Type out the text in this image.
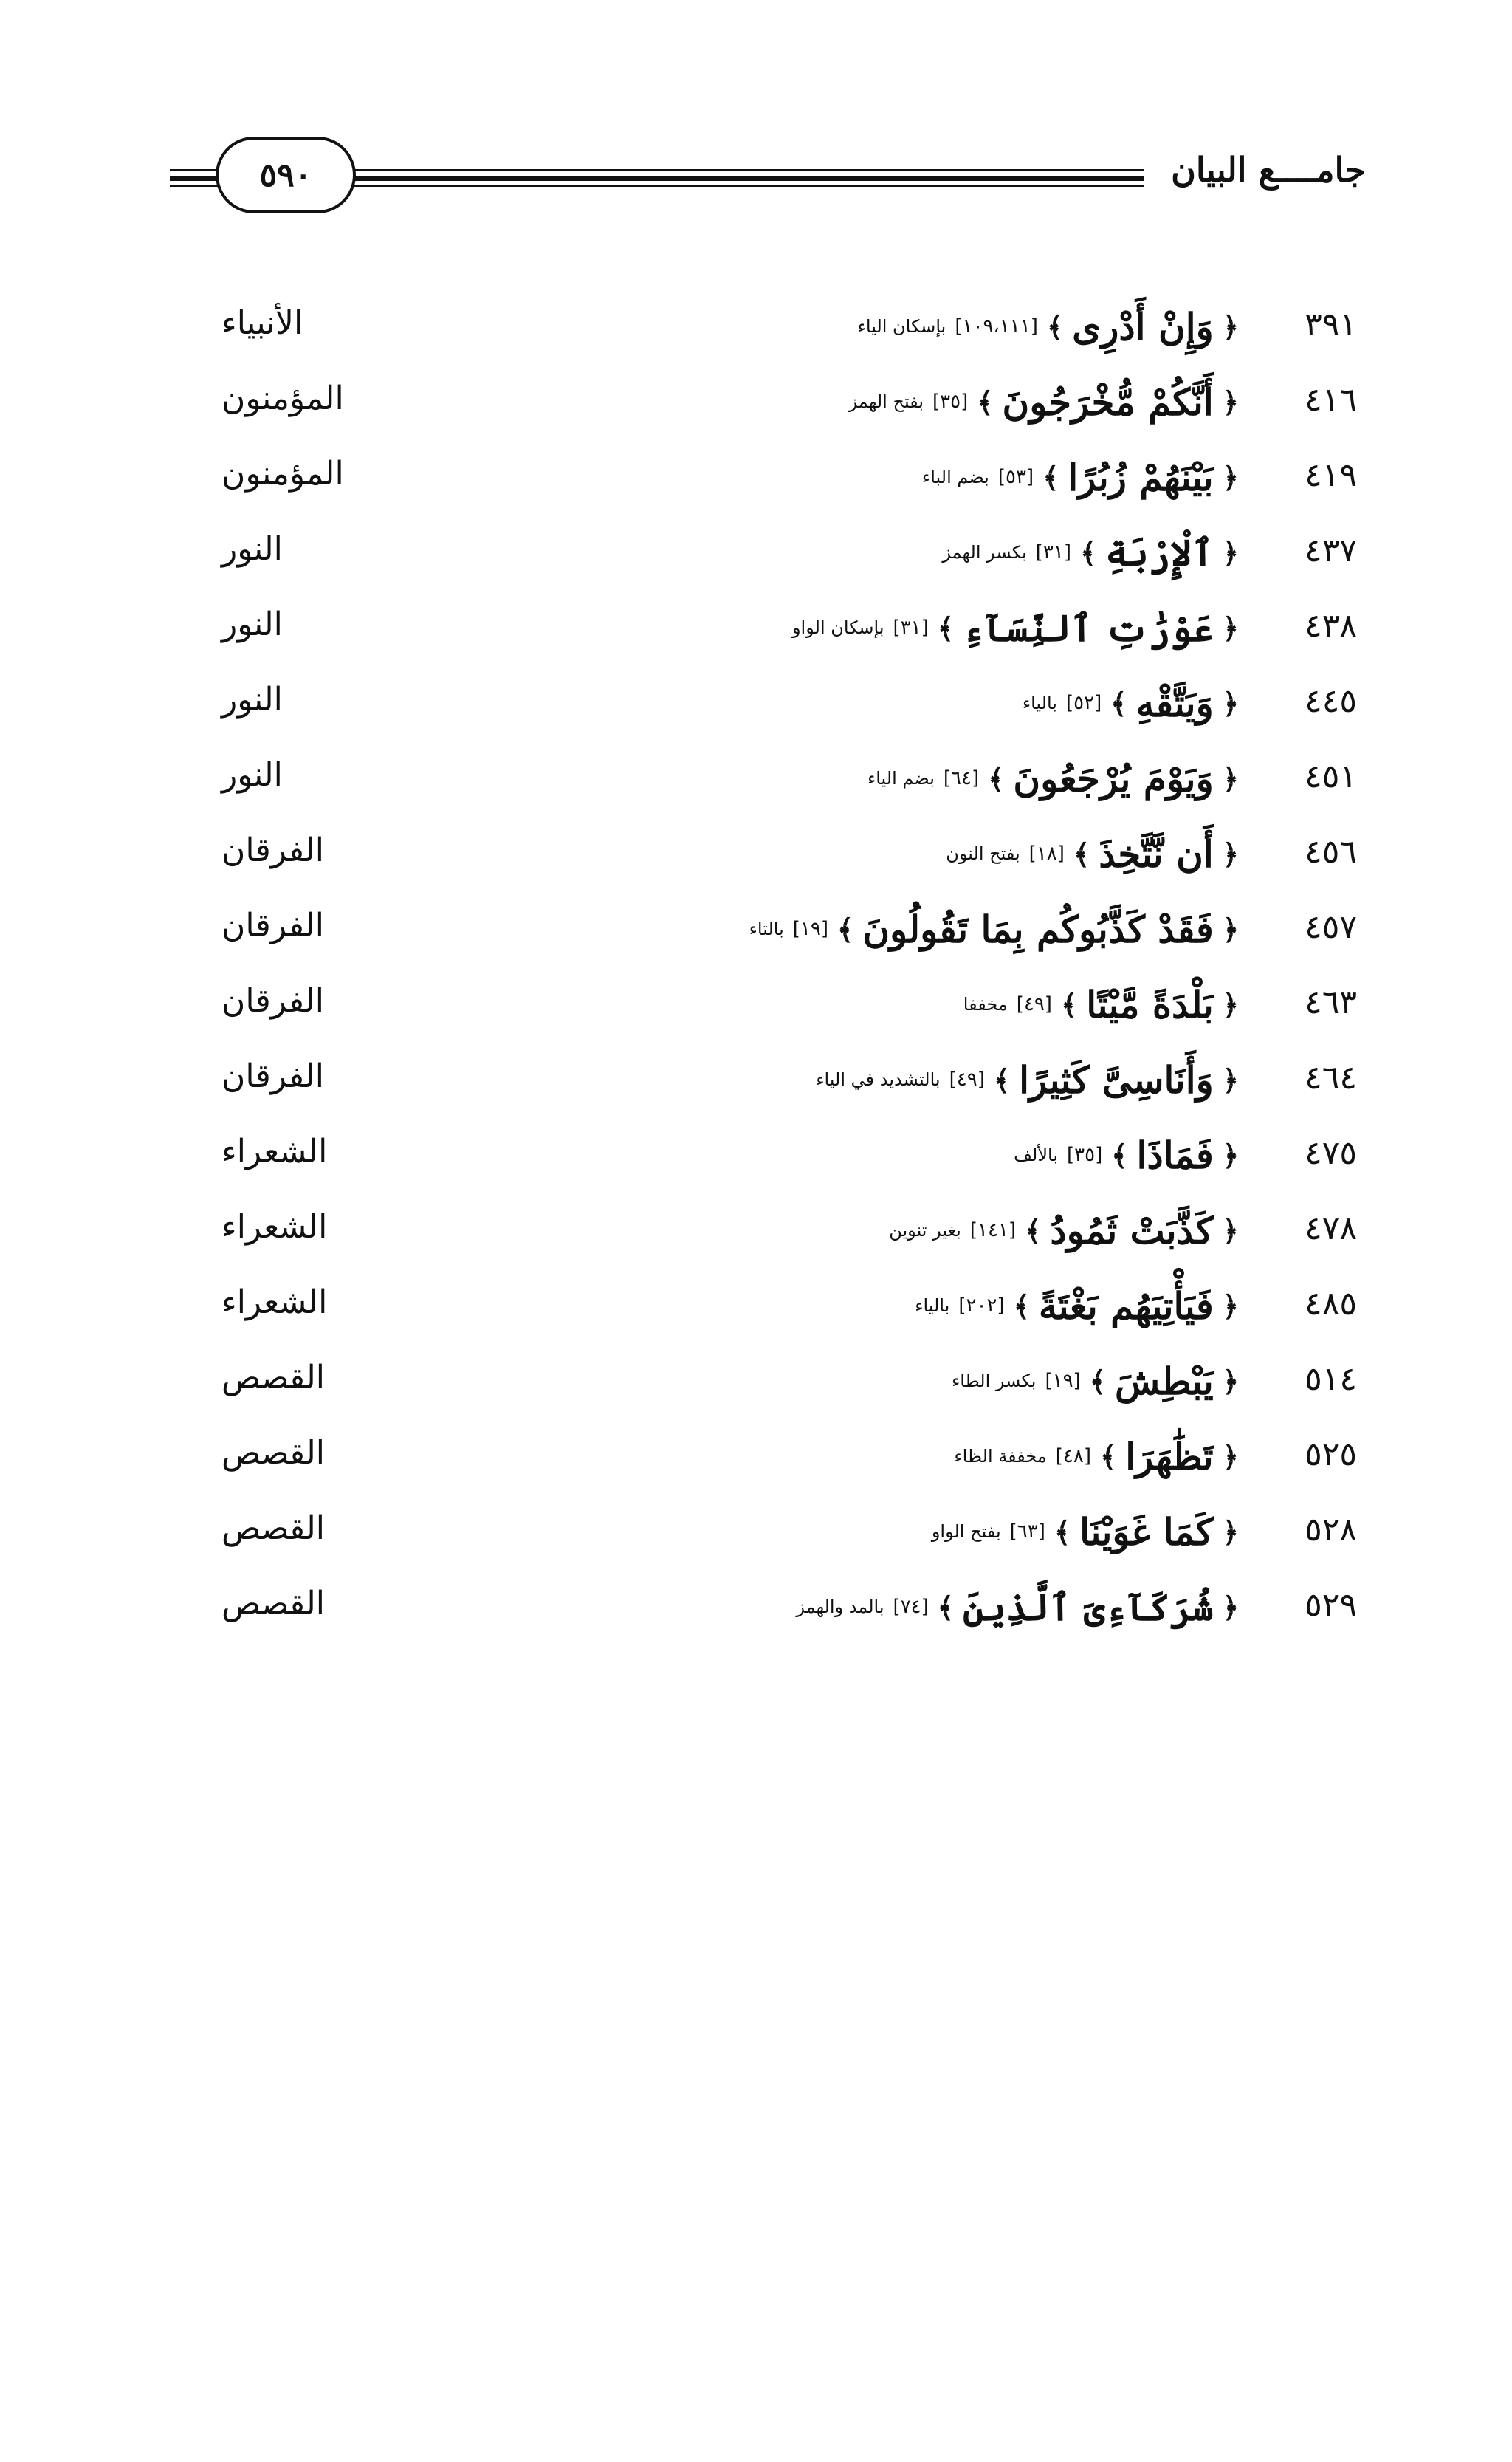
٥٩٠	جامــــع البيان
٣٩١
﴿
وَإِنْ أَدْرِى
﴾
[١٠٩،١١١]
بإسكان الياء
الأنبياء
٤١٦
﴿
أَنَّكُمْ مُّخْرَجُونَ
﴾
[٣٥]
بفتح الهمز
المؤمنون
٤١٩
﴿
بَيْنَهُمْ زُبُرًا
﴾
[٥٣]
بضم الباء
المؤمنون
٤٣٧
﴿
ٱلْإِرْبَةِ
﴾
[٣١]
بكسر الهمز
النور
٤٣٨
﴿
عَوْرَٰتِ ٱلنِّسَآءِ
﴾
[٣١]
بإسكان الواو
النور
٤٤٥
﴿
وَيَتَّقْهِ
﴾
[٥٢]
بالياء
النور
٤٥١
﴿
وَيَوْمَ يُرْجَعُونَ
﴾
[٦٤]
بضم الياء
النور
٤٥٦
﴿
أَن نَّتَّخِذَ
﴾
[١٨]
بفتح النون
الفرقان
٤٥٧
﴿
فَقَدْ كَذَّبُوكُم بِمَا تَقُولُونَ
﴾
[١٩]
بالتاء
الفرقان
٤٦٣
﴿
بَلْدَةً مَّيْتًا
﴾
[٤٩]
مخففا
الفرقان
٤٦٤
﴿
وَأَنَاسِىَّ كَثِيرًا
﴾
[٤٩]
بالتشديد في الياء
الفرقان
٤٧٥
﴿
فَمَاذَا
﴾
[٣٥]
بالألف
الشعراء
٤٧٨
﴿
كَذَّبَتْ ثَمُودُ
﴾
[١٤١]
بغير تنوين
الشعراء
٤٨٥
﴿
فَيَأْتِيَهُم بَغْتَةً
﴾
[٢٠٢]
بالياء
الشعراء
٥١٤
﴿
يَبْطِشَ
﴾
[١٩]
بكسر الطاء
القصص
٥٢٥
﴿
تَظَٰهَرَا
﴾
[٤٨]
مخففة الظاء
القصص
٥٢٨
﴿
كَمَا غَوَيْنَا
﴾
[٦٣]
بفتح الواو
القصص
٥٢٩
﴿
شُرَكَآءِىَ ٱلَّذِينَ
﴾
[٧٤]
بالمد والهمز
القصص
